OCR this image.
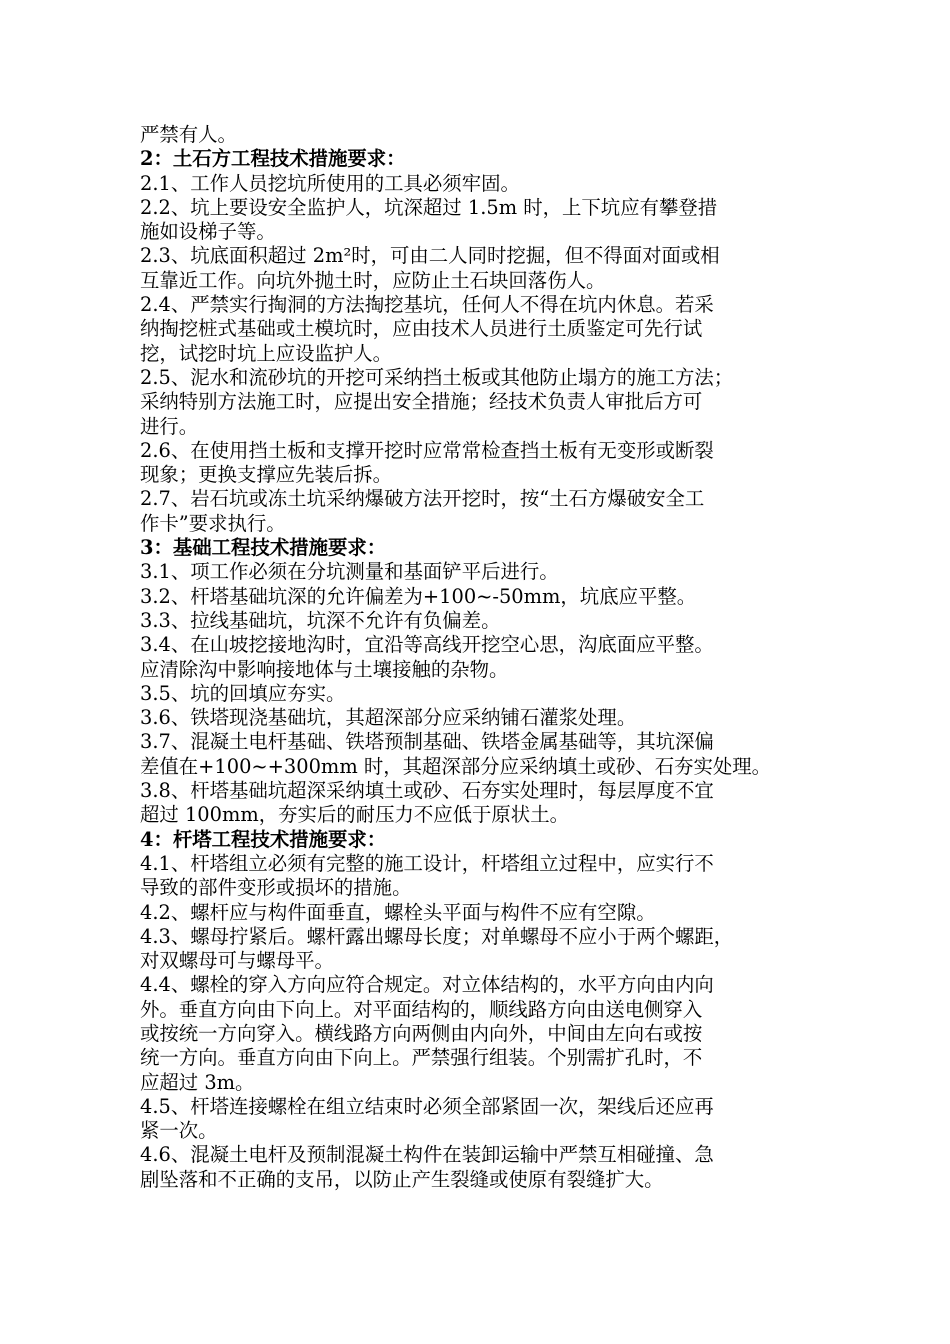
严禁有人。
2：土石方工程技术措施要求：
2.1、工作人员挖坑所使用的工具必须牢固。
2.2、坑上要设安全监护人，坑深超过 1.5m 时，上下坑应有攀登措
施如设梯子等。
2.3、坑底面积超过 2m²时，可由二人同时挖掘，但不得面对面或相
互靠近工作。向坑外抛土时，应防止土石块回落伤人。
2.4、严禁实行掏洞的方法掏挖基坑，任何人不得在坑内休息。若采
纳掏挖桩式基础或土模坑时，应由技术人员进行土质鉴定可先行试
挖，试挖时坑上应设监护人。
2.5、泥水和流砂坑的开挖可采纳挡土板或其他防止塌方的施工方法；
采纳特别方法施工时，应提出安全措施；经技术负责人审批后方可
进行。
2.6、在使用挡土板和支撑开挖时应常常检查挡土板有无变形或断裂
现象；更换支撑应先装后拆。
2.7、岩石坑或冻土坑采纳爆破方法开挖时，按“土石方爆破安全工
作卡”要求执行。
3：基础工程技术措施要求：
3.1、项工作必须在分坑测量和基面铲平后进行。
3.2、杆塔基础坑深的允许偏差为+100~-50mm，坑底应平整。
3.3、拉线基础坑，坑深不允许有负偏差。
3.4、在山坡挖接地沟时，宜沿等高线开挖空心思，沟底面应平整。
应清除沟中影响接地体与土壤接触的杂物。
3.5、坑的回填应夯实。
3.6、铁塔现浇基础坑，其超深部分应采纳铺石灌浆处理。
3.7、混凝土电杆基础、铁塔预制基础、铁塔金属基础等，其坑深偏
差值在+100~+300mm 时，其超深部分应采纳填土或砂、石夯实处理。
3.8、杆塔基础坑超深采纳填土或砂、石夯实处理时，每层厚度不宜
超过 100mm，夯实后的耐压力不应低于原状土。
4：杆塔工程技术措施要求：
4.1、杆塔组立必须有完整的施工设计，杆塔组立过程中，应实行不
导致的部件变形或损坏的措施。
4.2、螺杆应与构件面垂直，螺栓头平面与构件不应有空隙。
4.3、螺母拧紧后。螺杆露出螺母长度；对单螺母不应小于两个螺距，
对双螺母可与螺母平。
4.4、螺栓的穿入方向应符合规定。对立体结构的，水平方向由内向
外。垂直方向由下向上。对平面结构的，顺线路方向由送电侧穿入
或按统一方向穿入。横线路方向两侧由内向外，中间由左向右或按
统一方向。垂直方向由下向上。严禁强行组装。个别需扩孔时，不
应超过 3m。
4.5、杆塔连接螺栓在组立结束时必须全部紧固一次，架线后还应再
紧一次。
4.6、混凝土电杆及预制混凝土构件在装卸运输中严禁互相碰撞、急
剧坠落和不正确的支吊，以防止产生裂缝或使原有裂缝扩大。
